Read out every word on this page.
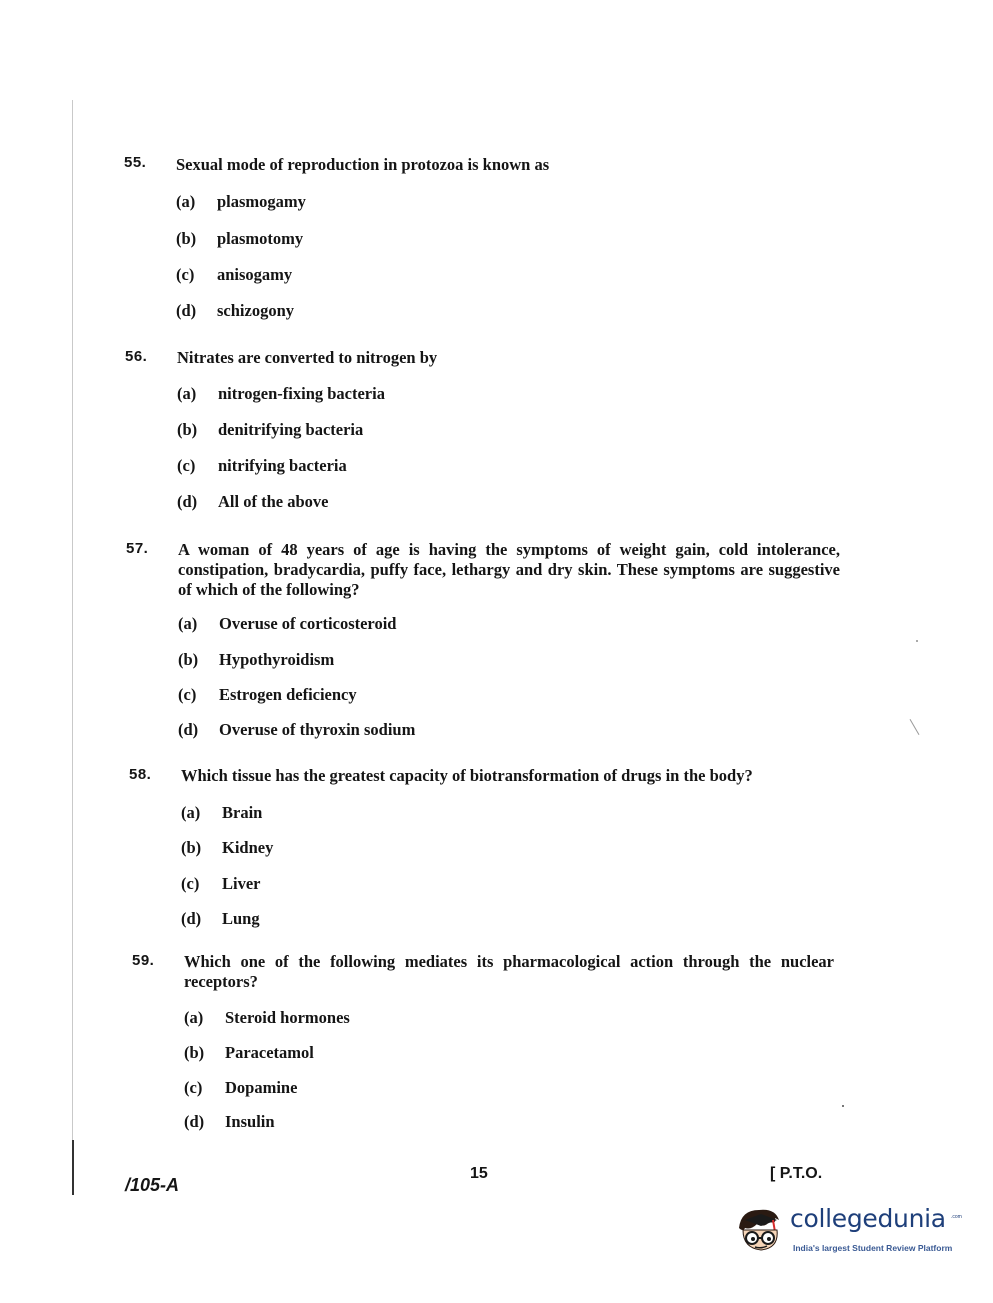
55. Sexual mode of reproduction in protozoa is known as
(a) plasmogamy
(b) plasmotomy
(c) anisogamy
(d) schizogony
56. Nitrates are converted to nitrogen by
(a) nitrogen-fixing bacteria
(b) denitrifying bacteria
(c) nitrifying bacteria
(d) All of the above
57. A woman of 48 years of age is having the symptoms of weight gain, cold intolerance, constipation, bradycardia, puffy face, lethargy and dry skin. These symptoms are suggestive of which of the following?
(a) Overuse of corticosteroid
(b) Hypothyroidism
(c) Estrogen deficiency
(d) Overuse of thyroxin sodium
58. Which tissue has the greatest capacity of biotransformation of drugs in the body?
(a) Brain
(b) Kidney
(c) Liver
(d) Lung
59. Which one of the following mediates its pharmacological action through the nuclear receptors?
(a) Steroid hormones
(b) Paracetamol
(c) Dopamine
(d) Insulin
/105-A
15	[ P.T.O.
collegedunia .com
India's largest Student Review Platform
